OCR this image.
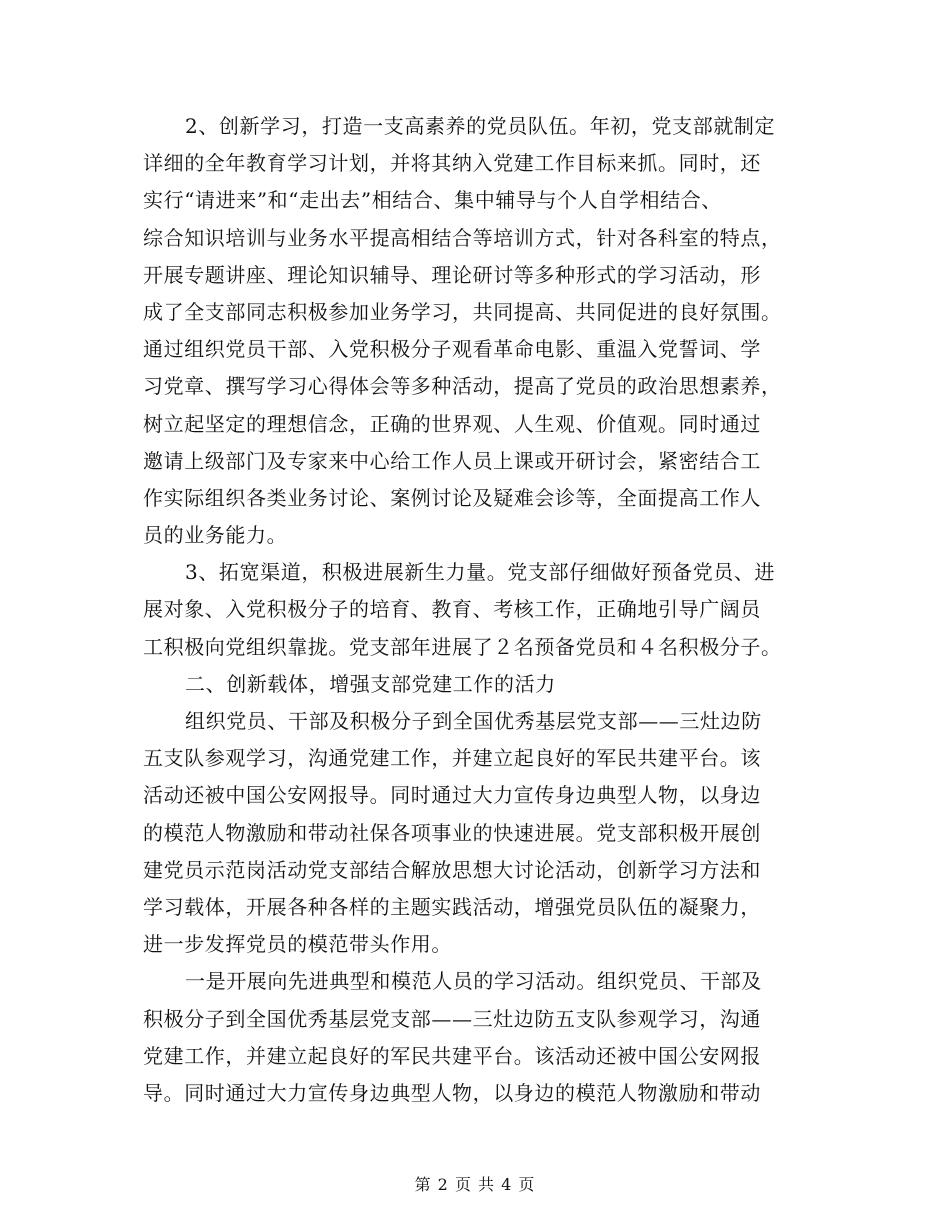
2、创新学习，打造一支高素养的党员队伍。年初，党支部就制定
详细的全年教育学习计划，并将其纳入党建工作目标来抓。同时，还
实行“请进来”和“走出去”相结合、集中辅导与个人自学相结合、
综合知识培训与业务水平提高相结合等培训方式，针对各科室的特点，
开展专题讲座、理论知识辅导、理论研讨等多种形式的学习活动，形
成了全支部同志积极参加业务学习，共同提高、共同促进的良好氛围。
通过组织党员干部、入党积极分子观看革命电影、重温入党誓词、学
习党章、撰写学习心得体会等多种活动，提高了党员的政治思想素养，
树立起坚定的理想信念，正确的世界观、人生观、价值观。同时通过
邀请上级部门及专家来中心给工作人员上课或开研讨会，紧密结合工
作实际组织各类业务讨论、案例讨论及疑难会诊等，全面提高工作人
员的业务能力。
3、拓宽渠道，积极进展新生力量。党支部仔细做好预备党员、进
展对象、入党积极分子的培育、教育、考核工作，正确地引导广阔员
工积极向党组织靠拢。党支部年进展了２名预备党员和４名积极分子。
二、创新载体，增强支部党建工作的活力
组织党员、干部及积极分子到全国优秀基层党支部——三灶边防
五支队参观学习，沟通党建工作，并建立起良好的军民共建平台。该
活动还被中国公安网报导。同时通过大力宣传身边典型人物，以身边
的模范人物激励和带动社保各项事业的快速进展。党支部积极开展创
建党员示范岗活动党支部结合解放思想大讨论活动，创新学习方法和
学习载体，开展各种各样的主题实践活动，增强党员队伍的凝聚力，
进一步发挥党员的模范带头作用。
一是开展向先进典型和模范人员的学习活动。组织党员、干部及
积极分子到全国优秀基层党支部——三灶边防五支队参观学习，沟通
党建工作，并建立起良好的军民共建平台。该活动还被中国公安网报
导。同时通过大力宣传身边典型人物，以身边的模范人物激励和带动
第 2 页 共 4 页
